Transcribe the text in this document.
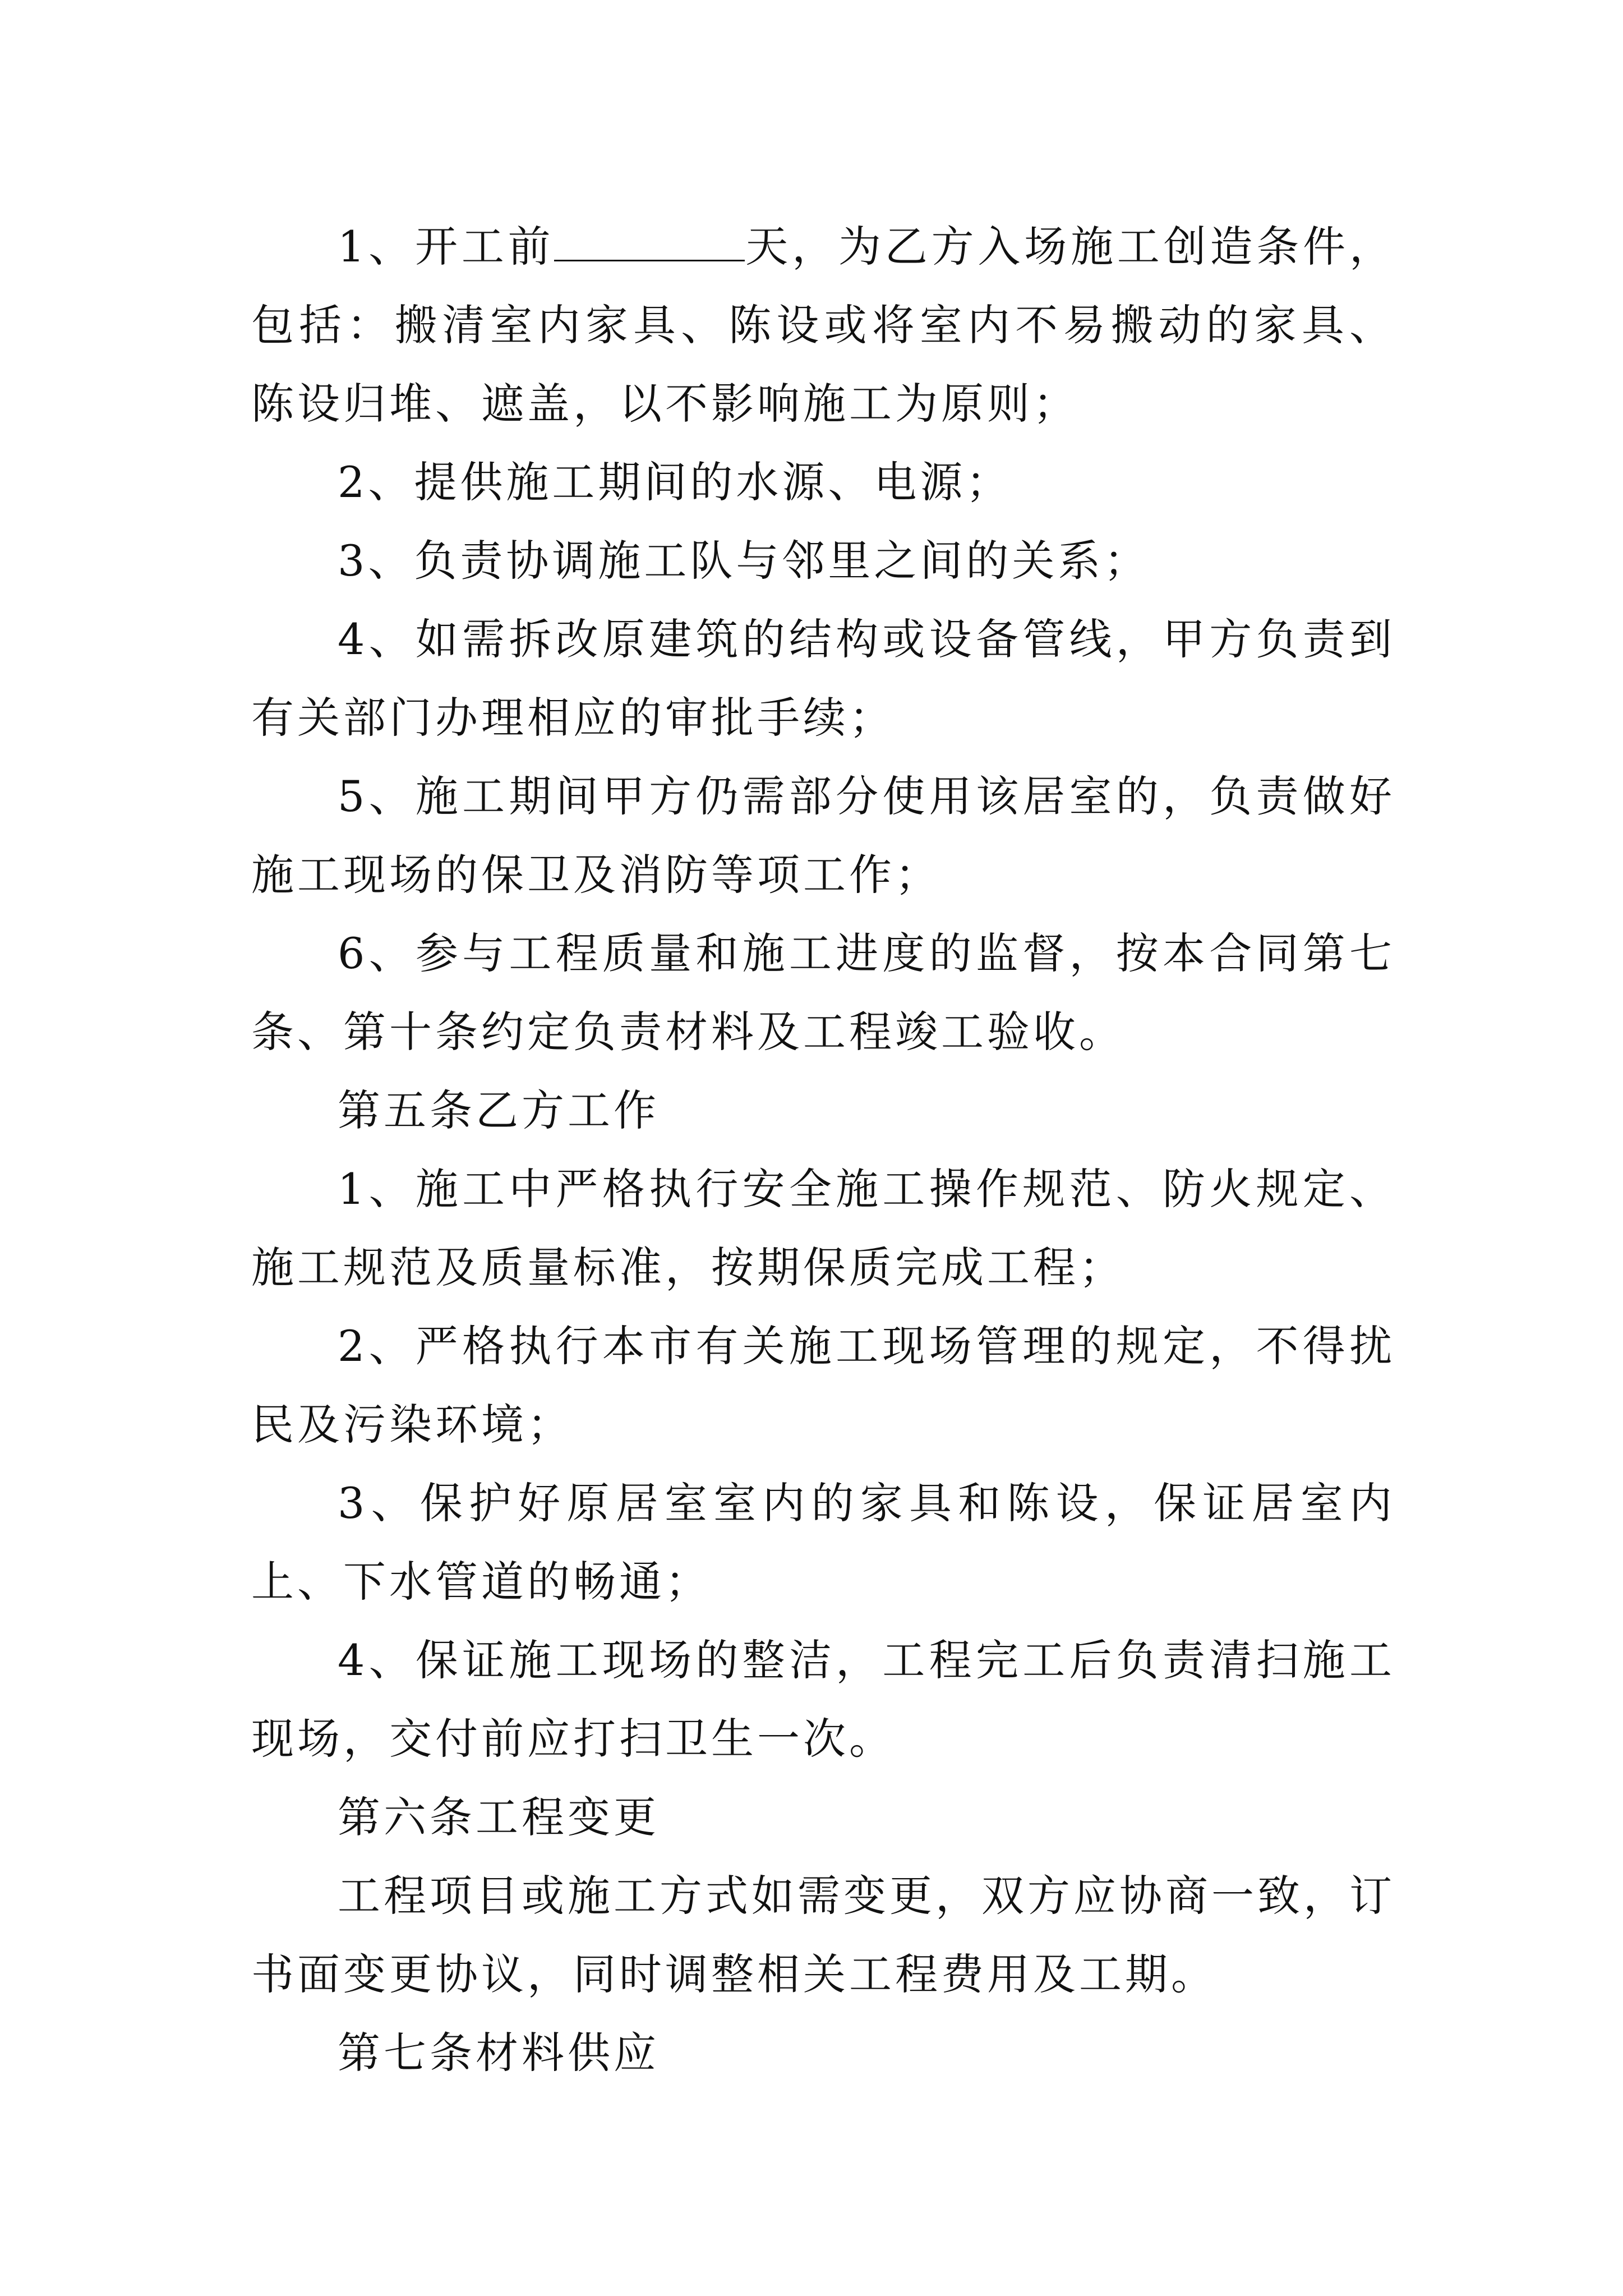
1、开工前	天，为乙方入场施工创造条件，包括：搬清室内家具、陈设或将室内不易搬动的家具、陈设归堆、遮盖，以不影响施工为原则；

2、提供施工期间的水源、电源；

3、负责协调施工队与邻里之间的关系；

4、如需拆改原建筑的结构或设备管线，甲方负责到有关部门办理相应的审批手续；

5、施工期间甲方仍需部分使用该居室的，负责做好施工现场的保卫及消防等项工作；

6、参与工程质量和施工进度的监督，按本合同第七条、第十条约定负责材料及工程竣工验收。

第五条乙方工作

1、施工中严格执行安全施工操作规范、防火规定、施工规范及质量标准，按期保质完成工程；

2、严格执行本市有关施工现场管理的规定，不得扰民及污染环境；

3、保护好原居室室内的家具和陈设，保证居室内上、下水管道的畅通；

4、保证施工现场的整洁，工程完工后负责清扫施工现场，交付前应打扫卫生一次。

第六条工程变更

工程项目或施工方式如需变更，双方应协商一致，订书面变更协议，同时调整相关工程费用及工期。

第七条材料供应
